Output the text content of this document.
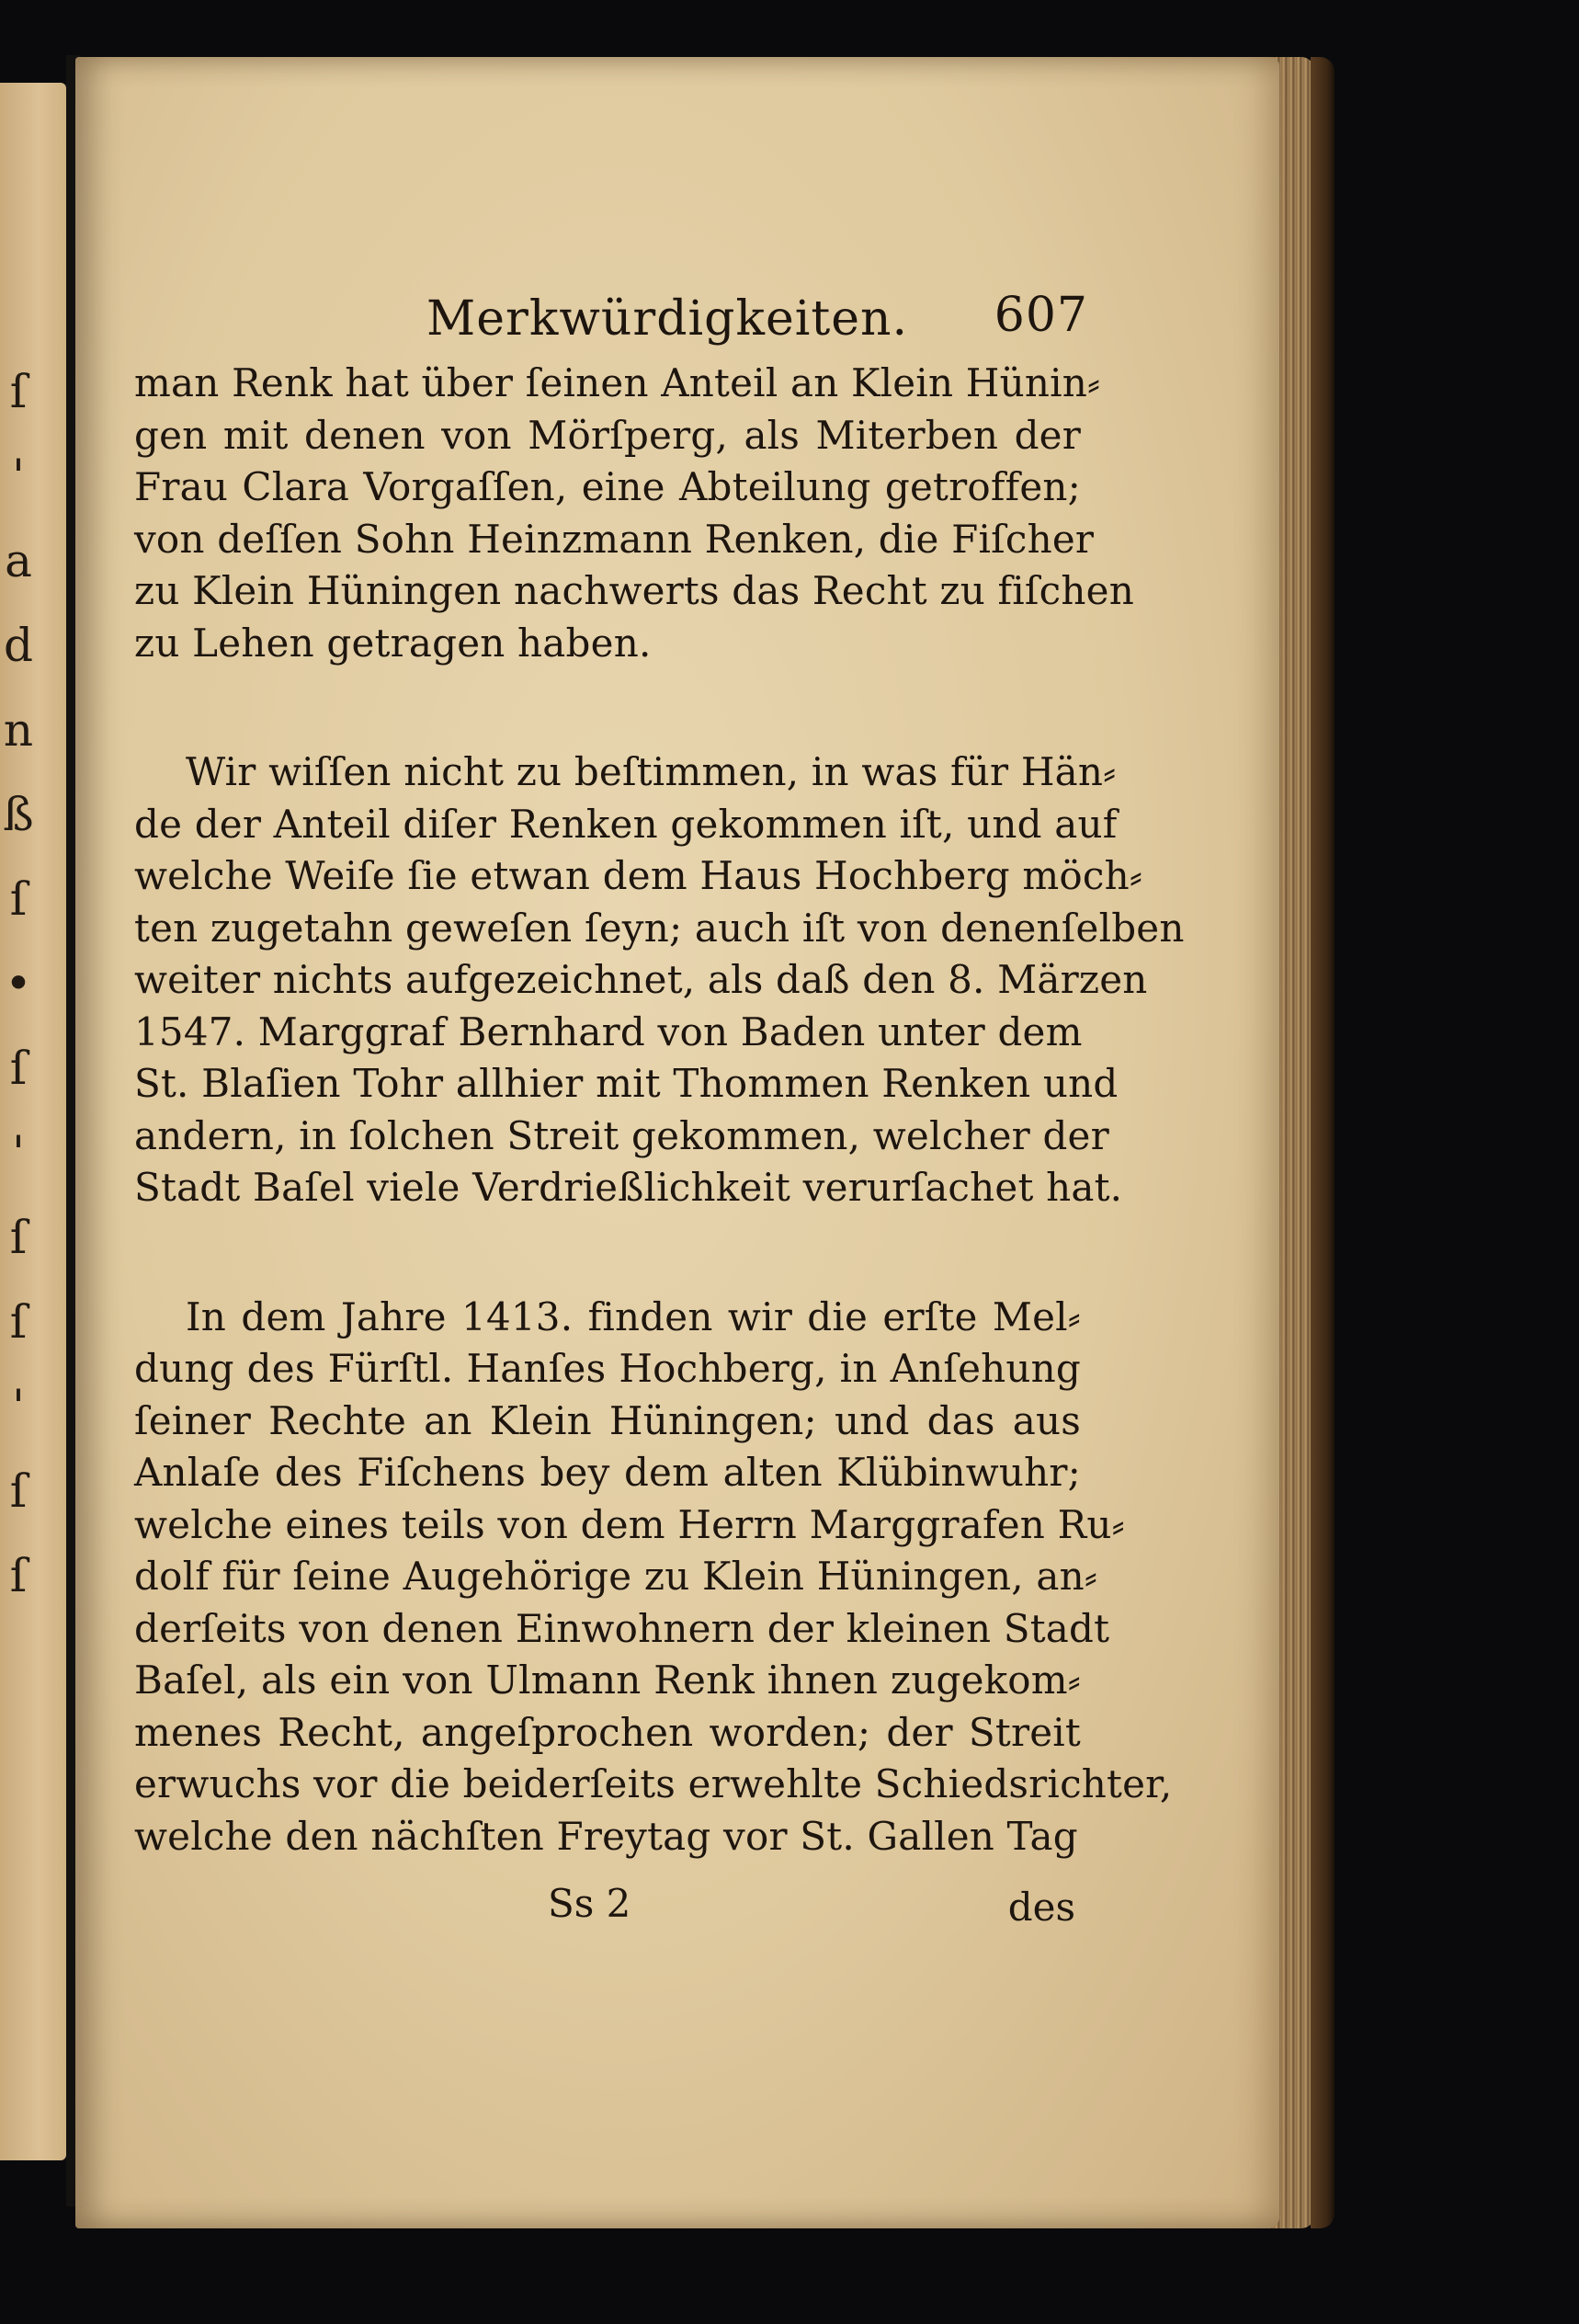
ſ
'
a
d
n
ß
ſ
•
ſ
'
ſ
ſ
'
ſ
ſ
Merkwürdigkeiten. 607
man Renk hat über ſeinen Anteil an Klein Hünin⸗
gen mit denen von Mörſperg, als Miterben der
Frau Clara Vorgaſſen, eine Abteilung getroffen;
von deſſen Sohn Heinzmann Renken, die Fiſcher
zu Klein Hüningen nachwerts das Recht zu fiſchen
zu Lehen getragen haben.
Wir wiſſen nicht zu beſtimmen, in was für Hän⸗
de der Anteil diſer Renken gekommen iſt, und auf
welche Weiſe ſie etwan dem Haus Hochberg möch⸗
ten zugetahn geweſen ſeyn; auch iſt von denenſelben
weiter nichts aufgezeichnet, als daß den 8. Märzen
1547. Marggraf Bernhard von Baden unter dem
St. Blaſien Tohr allhier mit Thommen Renken und
andern, in ſolchen Streit gekommen, welcher der
Stadt Baſel viele Verdrießlichkeit verurſachet hat.
In dem Jahre 1413. finden wir die erſte Mel⸗
dung des Fürſtl. Hanſes Hochberg, in Anſehung
ſeiner Rechte an Klein Hüningen; und das aus
Anlaſe des Fiſchens bey dem alten Klübinwuhr;
welche eines teils von dem Herrn Marggrafen Ru⸗
dolf für ſeine Augehörige zu Klein Hüningen, an⸗
derſeits von denen Einwohnern der kleinen Stadt
Baſel, als ein von Ulmann Renk ihnen zugekom⸗
menes Recht, angeſprochen worden; der Streit
erwuchs vor die beiderſeits erwehlte Schiedsrichter,
welche den nächſten Freytag vor St. Gallen Tag
Ss 2	des
